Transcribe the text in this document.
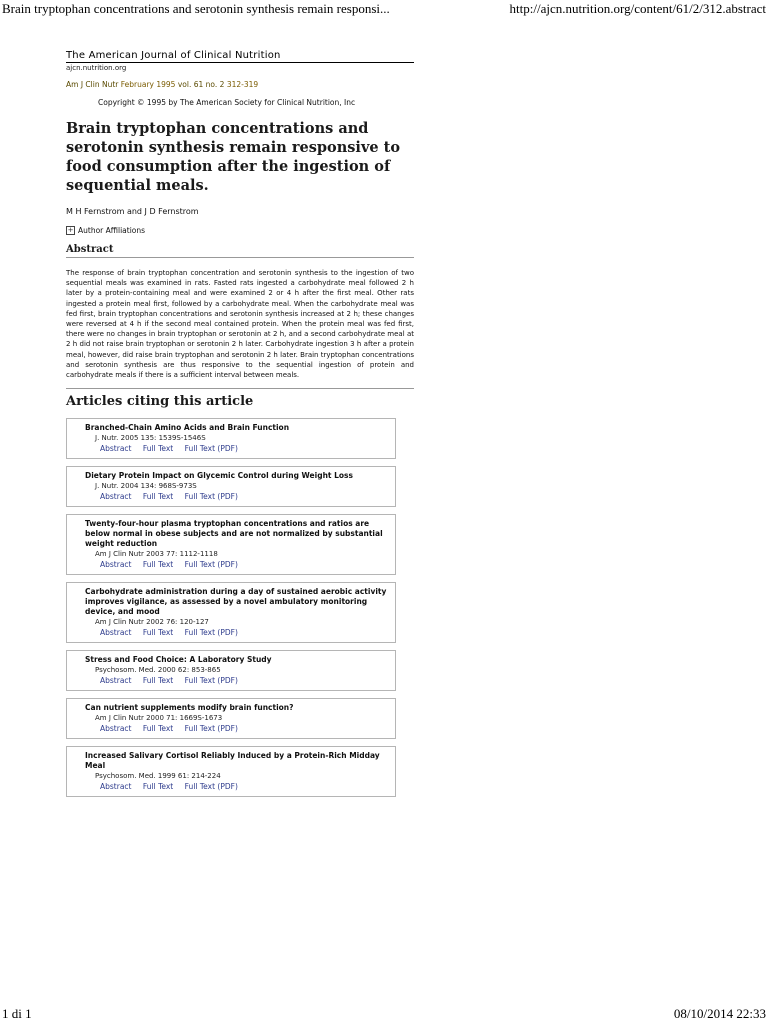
Brain tryptophan concentrations and serotonin synthesis remain responsi...	http://ajcn.nutrition.org/content/61/2/312.abstract
The American Journal of Clinical Nutrition
ajcn.nutrition.org
Am J Clin Nutr February 1995 vol. 61 no. 2 312-319
Copyright © 1995 by The American Society for Clinical Nutrition, Inc
Brain tryptophan concentrations and serotonin synthesis remain responsive to food consumption after the ingestion of sequential meals.
M H Fernstrom and J D Fernstrom
+ Author Affiliations
Abstract
The response of brain tryptophan concentration and serotonin synthesis to the ingestion of two sequential meals was examined in rats. Fasted rats ingested a carbohydrate meal followed 2 h later by a protein-containing meal and were examined 2 or 4 h after the first meal. Other rats ingested a protein meal first, followed by a carbohydrate meal. When the carbohydrate meal was fed first, brain tryptophan concentrations and serotonin synthesis increased at 2 h; these changes were reversed at 4 h if the second meal contained protein. When the protein meal was fed first, there were no changes in brain tryptophan or serotonin at 2 h, and a second carbohydrate meal at 2 h did not raise brain tryptophan or serotonin 2 h later. Carbohydrate ingestion 3 h after a protein meal, however, did raise brain tryptophan and serotonin 2 h later. Brain tryptophan concentrations and serotonin synthesis are thus responsive to the sequential ingestion of protein and carbohydrate meals if there is a sufficient interval between meals.
Articles citing this article
Branched-Chain Amino Acids and Brain Function
J. Nutr. 2005 135: 1539S-1546S
Abstract Full Text Full Text (PDF)
Dietary Protein Impact on Glycemic Control during Weight Loss
J. Nutr. 2004 134: 968S-973S
Abstract Full Text Full Text (PDF)
Twenty-four-hour plasma tryptophan concentrations and ratios are below normal in obese subjects and are not normalized by substantial weight reduction
Am J Clin Nutr 2003 77: 1112-1118
Abstract Full Text Full Text (PDF)
Carbohydrate administration during a day of sustained aerobic activity improves vigilance, as assessed by a novel ambulatory monitoring device, and mood
Am J Clin Nutr 2002 76: 120-127
Abstract Full Text Full Text (PDF)
Stress and Food Choice: A Laboratory Study
Psychosom. Med. 2000 62: 853-865
Abstract Full Text Full Text (PDF)
Can nutrient supplements modify brain function?
Am J Clin Nutr 2000 71: 1669S-1673
Abstract Full Text Full Text (PDF)
Increased Salivary Cortisol Reliably Induced by a Protein-Rich Midday Meal
Psychosom. Med. 1999 61: 214-224
Abstract Full Text Full Text (PDF)
1 di 1	08/10/2014 22:33
